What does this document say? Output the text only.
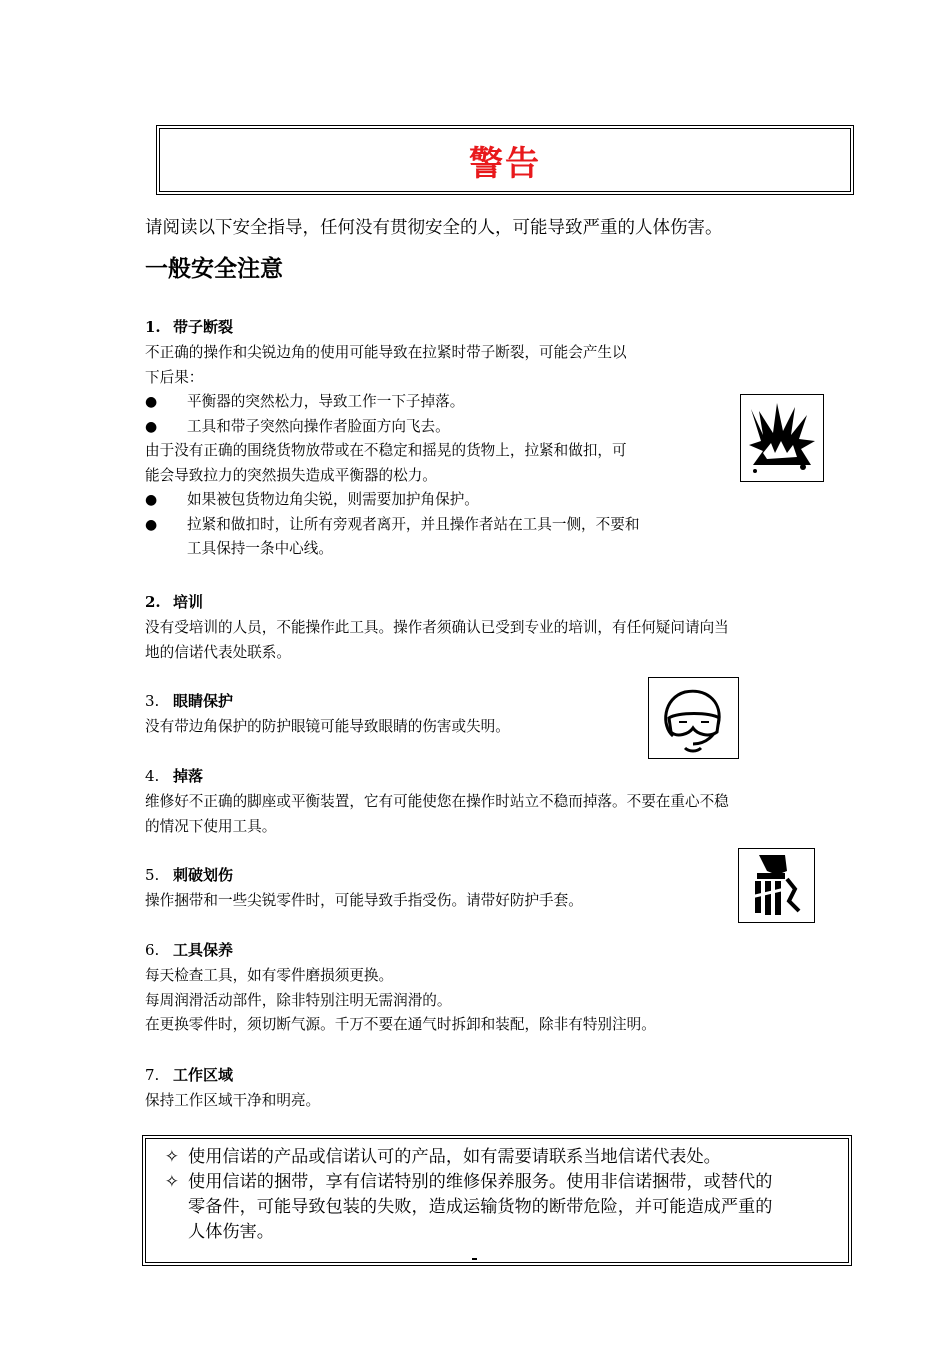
警告
请阅读以下安全指导，任何没有贯彻安全的人，可能导致严重的人体伤害。
一般安全注意
1. 带子断裂
不正确的操作和尖锐边角的使用可能导致在拉紧时带子断裂，可能会产生以
下后果：
●	平衡器的突然松力，导致工作一下子掉落。
●	工具和带子突然向操作者脸面方向飞去。
由于没有正确的围绕货物放带或在不稳定和摇晃的货物上，拉紧和做扣，可
能会导致拉力的突然损失造成平衡器的松力。
●	如果被包货物边角尖锐，则需要加护角保护。
●	拉紧和做扣时，让所有旁观者离开，并且操作者站在工具一侧，不要和
工具保持一条中心线。
2. 培训
没有受培训的人员，不能操作此工具。操作者须确认已受到专业的培训，有任何疑问请向当
地的信诺代表处联系。
3. 眼睛保护
没有带边角保护的防护眼镜可能导致眼睛的伤害或失明。
4. 掉落
维修好不正确的脚座或平衡装置，它有可能使您在操作时站立不稳而掉落。不要在重心不稳
的情况下使用工具。
5. 刺破划伤
操作捆带和一些尖锐零件时，可能导致手指受伤。请带好防护手套。
6. 工具保养
每天检查工具，如有零件磨损须更换。
每周润滑活动部件，除非特别注明无需润滑的。
在更换零件时，须切断气源。千万不要在通气时拆卸和装配，除非有特别注明。
7. 工作区域
保持工作区域干净和明亮。
✧ 使用信诺的产品或信诺认可的产品，如有需要请联系当地信诺代表处。
✧ 使用信诺的捆带，享有信诺特别的维修保养服务。使用非信诺捆带，或替代的
零备件，可能导致包装的失败，造成运输货物的断带危险，并可能造成严重的
人体伤害。
